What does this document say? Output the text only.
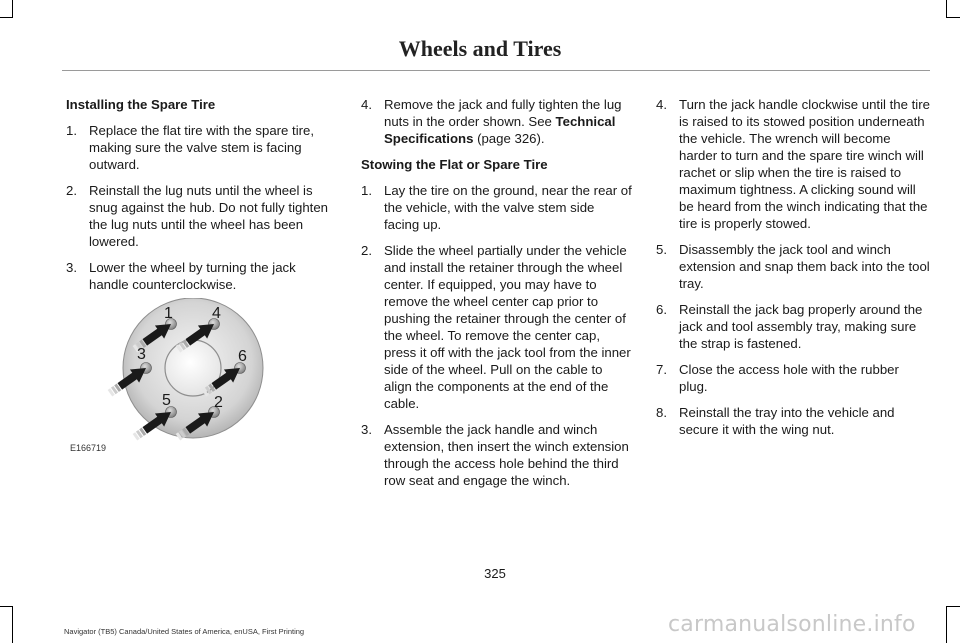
Wheels and Tires
Installing the Spare Tire
1. Replace the flat tire with the spare tire, making sure the valve stem is facing outward.
2. Reinstall the lug nuts until the wheel is snug against the hub. Do not fully tighten the lug nuts until the wheel has been lowered.
3. Lower the wheel by turning the jack handle counterclockwise.
1 4
3	6
5	2
E166719
4. Remove the jack and fully tighten the lug nuts in the order shown. See Technical Specifications (page 326).
Stowing the Flat or Spare Tire
1. Lay the tire on the ground, near the rear of the vehicle, with the valve stem side facing up.
2. Slide the wheel partially under the vehicle and install the retainer through the wheel center. If equipped, you may have to remove the wheel center cap prior to pushing the retainer through the center of the wheel. To remove the center cap, press it off with the jack tool from the inner side of the wheel. Pull on the cable to align the components at the end of the cable.
3. Assemble the jack handle and winch extension, then insert the winch extension through the access hole behind the third row seat and engage the winch.
4. Turn the jack handle clockwise until the tire is raised to its stowed position underneath the vehicle. The wrench will become harder to turn and the spare tire winch will rachet or slip when the tire is raised to maximum tightness. A clicking sound will be heard from the winch indicating that the tire is properly stowed.
5. Disassembly the jack tool and winch extension and snap them back into the tool tray.
6. Reinstall the jack bag properly around the jack and tool assembly tray, making sure the strap is fastened.
7. Close the access hole with the rubber plug.
8. Reinstall the tray into the vehicle and secure it with the wing nut.
325
Navigator (TB5) Canada/United States of America, enUSA, First Printing	carmanualsonline.info
